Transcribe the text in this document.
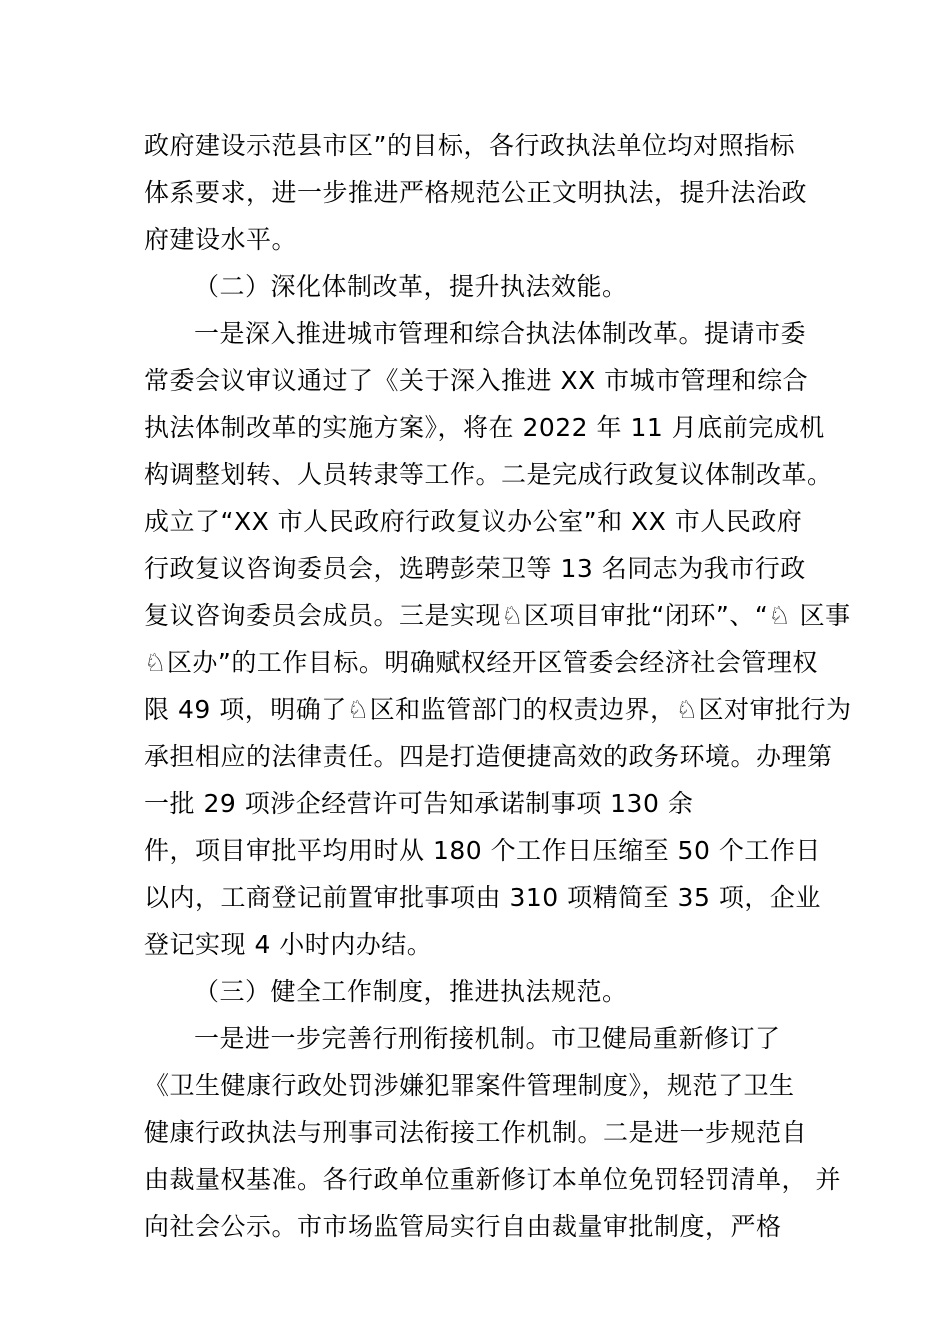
政府建设示范县市区”的目标，各行政执法单位均对照指标
体系要求，进一步推进严格规范公正文明执法，提升法治政
府建设水平。
（二）深化体制改革，提升执法效能。
一是深入推进城市管理和综合执法体制改革。提请市委
常委会议审议通过了《关于深入推进 XX 市城市管理和综合
执法体制改革的实施方案》，将在 2022 年 11 月底前完成机
构调整划转、人员转隶等工作。二是完成行政复议体制改革。
成立了“XX 市人民政府行政复议办公室”和 XX 市人民政府
行政复议咨询委员会，选聘彭荣卫等 13 名同志为我市行政
复议咨询委员会成员。三是实现♘区项目审批“闭环”、“♘ 区事
♘区办”的工作目标。明确赋权经开区管委会经济社会管理权
限 49 项，明确了♘区和监管部门的权责边界，♘区对审批行为
承担相应的法律责任。四是打造便捷高效的政务环境。办理第
一批 29 项涉企经营许可告知承诺制事项 130 余
件，项目审批平均用时从 180 个工作日压缩至 50 个工作日
以内，工商登记前置审批事项由 310 项精简至 35 项，企业
登记实现 4 小时内办结。
（三）健全工作制度，推进执法规范。
一是进一步完善行刑衔接机制。市卫健局重新修订了
《卫生健康行政处罚涉嫌犯罪案件管理制度》，规范了卫生
健康行政执法与刑事司法衔接工作机制。二是进一步规范自
由裁量权基准。各行政单位重新修订本单位免罚轻罚清单， 并
向社会公示。市市场监管局实行自由裁量审批制度，严格
